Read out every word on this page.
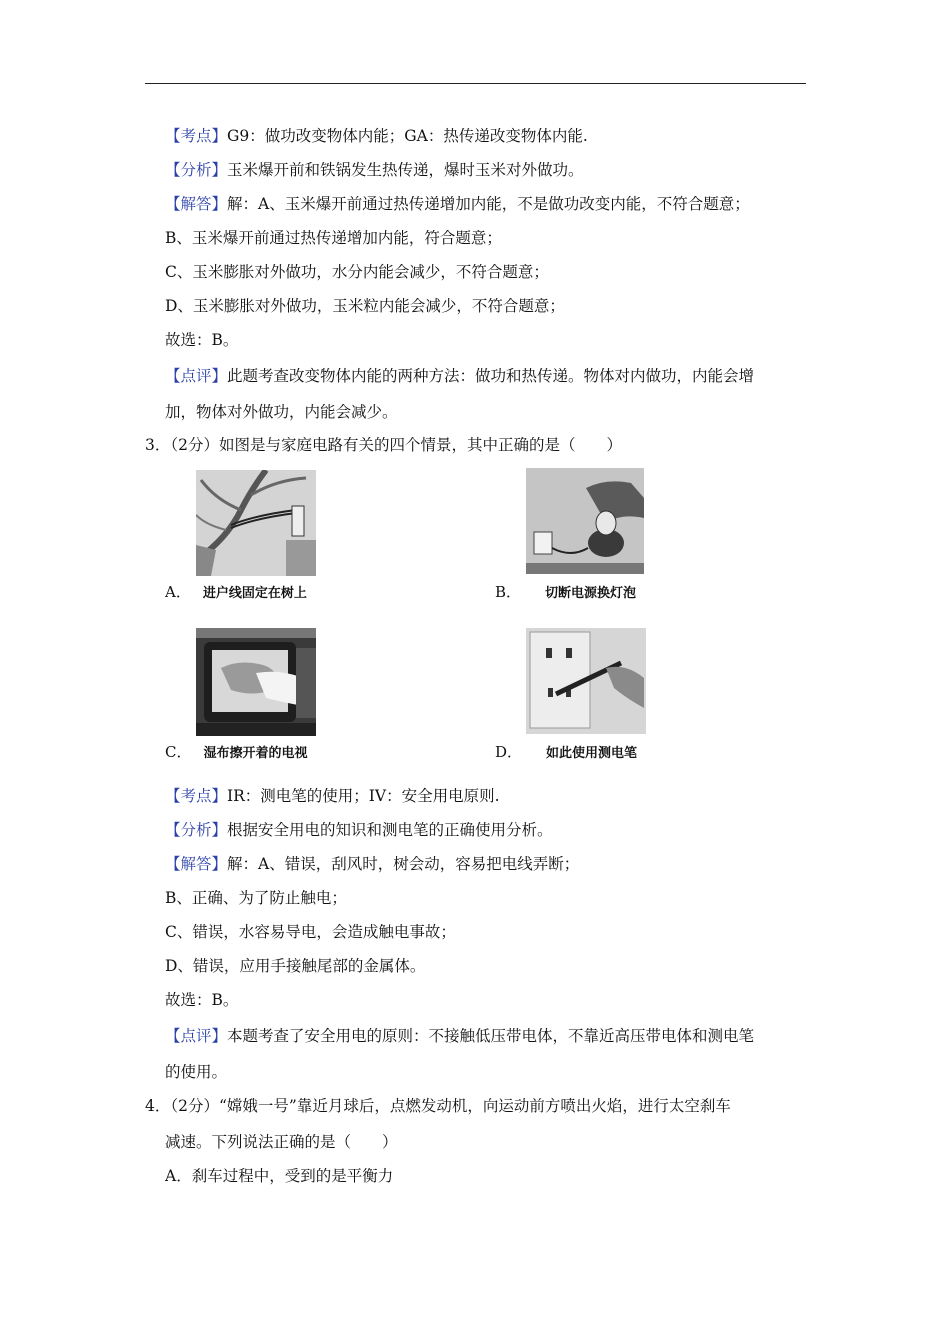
【考点】G9：做功改变物体内能；GA：热传递改变物体内能.
【分析】玉米爆开前和铁锅发生热传递，爆时玉米对外做功。
【解答】解：A、玉米爆开前通过热传递增加内能，不是做功改变内能，不符合题意；
B、玉米爆开前通过热传递增加内能，符合题意；
C、玉米膨胀对外做功，水分内能会减少，不符合题意；
D、玉米膨胀对外做功，玉米粒内能会减少，不符合题意；
故选：B。
【点评】此题考查改变物体内能的两种方法：做功和热传递。物体对内做功，内能会增
加，物体对外做功，内能会减少。
3．（2分）如图是与家庭电路有关的四个情景，其中正确的是（　　）
A． 进户线固定在树上	B． 切断电源换灯泡
C． 湿布擦开着的电视	D． 如此使用测电笔
【考点】IR：测电笔的使用；IV：安全用电原则.
【分析】根据安全用电的知识和测电笔的正确使用分析。
【解答】解：A、错误，刮风时，树会动，容易把电线弄断；
B、正确、为了防止触电；
C、错误，水容易导电，会造成触电事故；
D、错误，应用手接触尾部的金属体。
故选：B。
【点评】本题考查了安全用电的原则：不接触低压带电体，不靠近高压带电体和测电笔
的使用。
4．（2分）“嫦娥一号”靠近月球后，点燃发动机，向运动前方喷出火焰，进行太空刹车
减速。下列说法正确的是（　　）
A．刹车过程中，受到的是平衡力
